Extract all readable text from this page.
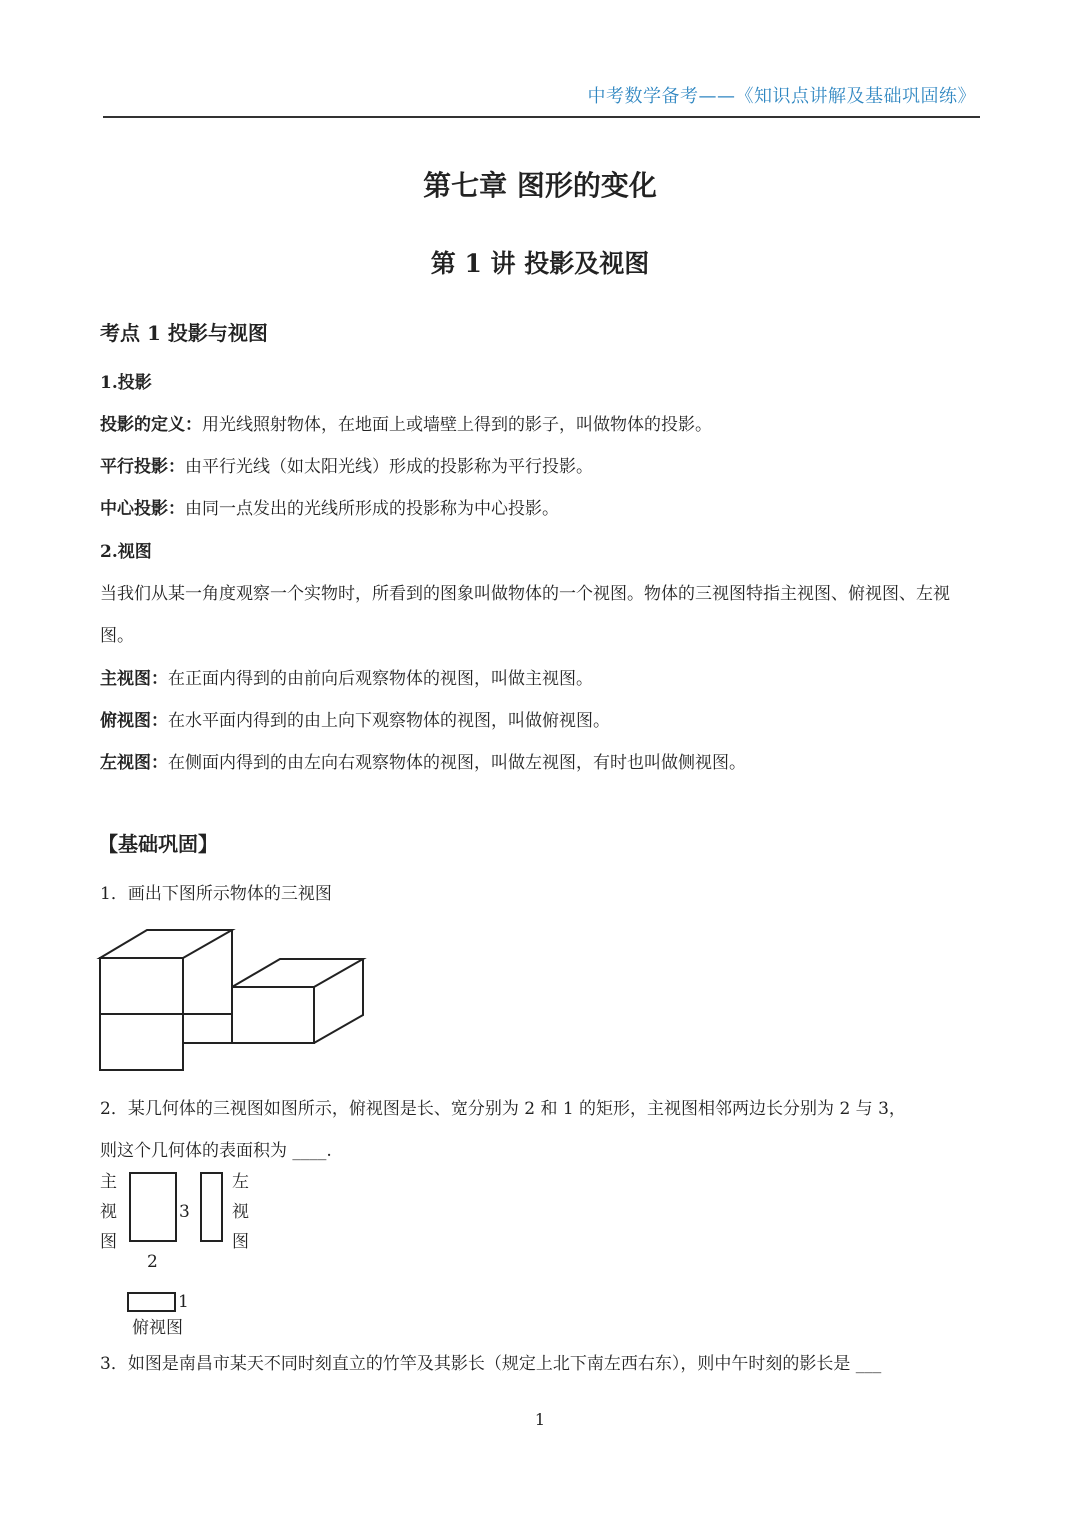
中考数学备考——《知识点讲解及基础巩固练》
第七章 图形的变化
第 1 讲 投影及视图
考点 1 投影与视图
1.投影
投影的定义：用光线照射物体，在地面上或墙壁上得到的影子，叫做物体的投影。
平行投影：由平行光线（如太阳光线）形成的投影称为平行投影。
中心投影：由同一点发出的光线所形成的投影称为中心投影。
2.视图
当我们从某一角度观察一个实物时，所看到的图象叫做物体的一个视图。物体的三视图特指主视图、俯视图、左视图。
主视图：在正面内得到的由前向后观察物体的视图，叫做主视图。
俯视图：在水平面内得到的由上向下观察物体的视图，叫做俯视图。
左视图：在侧面内得到的由左向右观察物体的视图，叫做左视图，有时也叫做侧视图。
【基础巩固】
1．画出下图所示物体的三视图
2．某几何体的三视图如图所示，俯视图是长、宽分别为 2 和 1 的矩形，主视图相邻两边长分别为 2 与 3，
则这个几何体的表面积为 ____.
主
视
图
左
视
图
3
2
1
俯视图
3．如图是南昌市某天不同时刻直立的竹竿及其影长（规定上北下南左西右东），则中午时刻的影长是 ___
1
